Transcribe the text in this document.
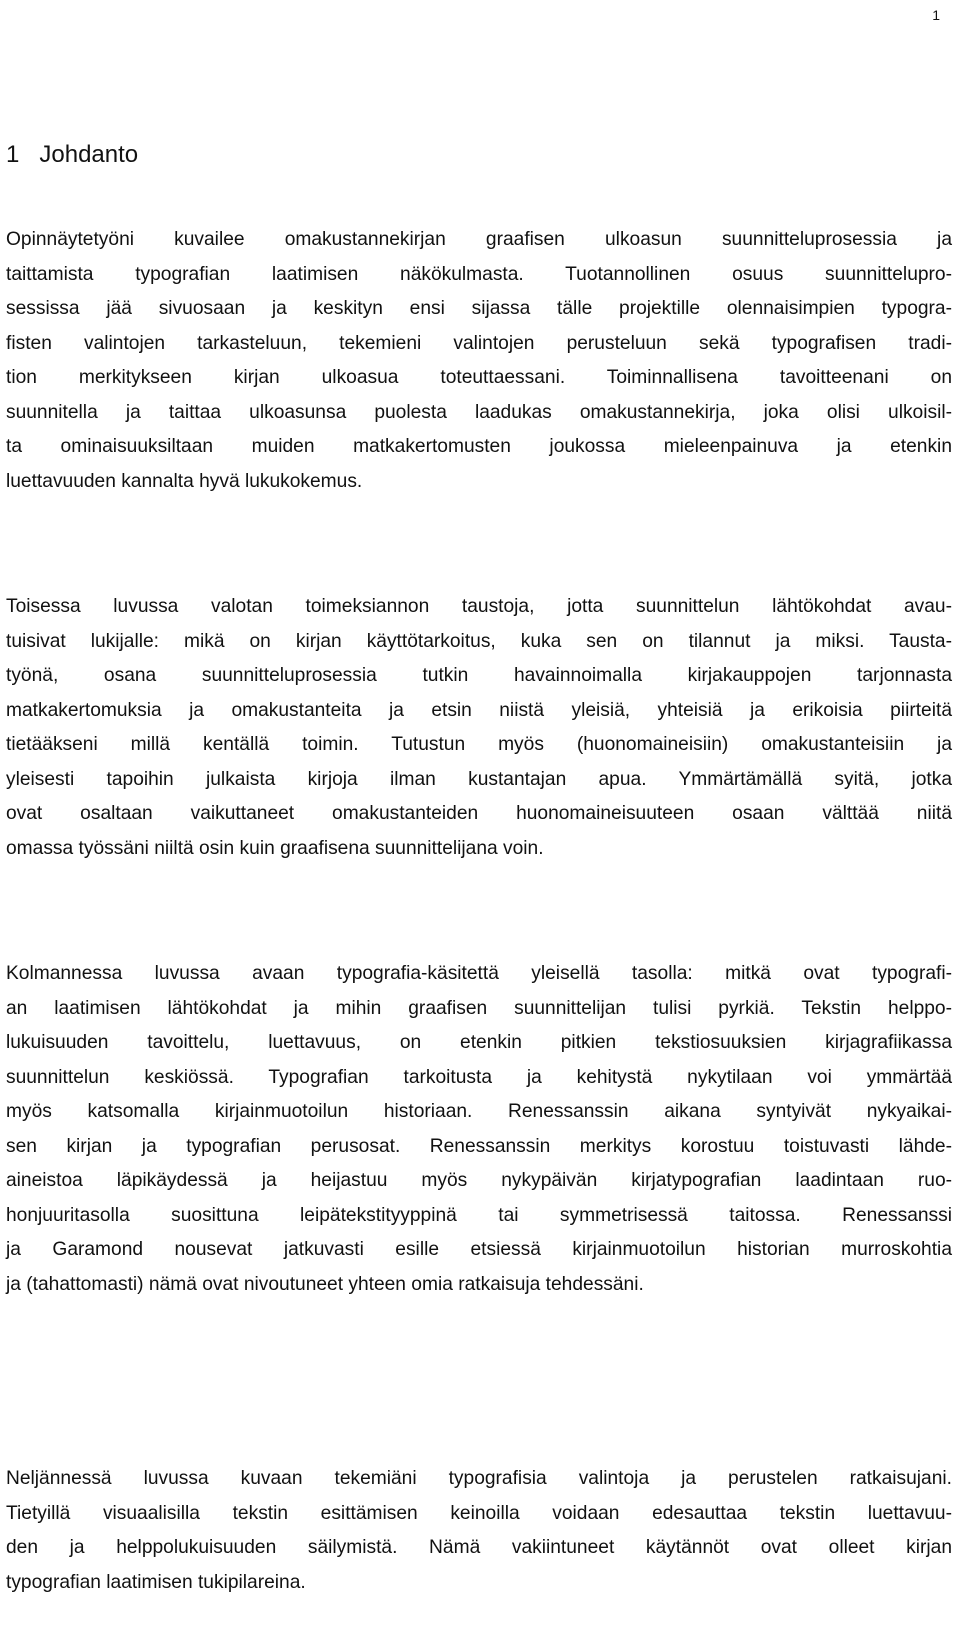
1
1 Johdanto
Opinnäytetyöni kuvailee omakustannekirjan graafisen ulkoasun suunnitteluprosessia ja
taittamista typografian laatimisen näkökulmasta. Tuotannollinen osuus suunnittelupro-
sessissa jää sivuosaan ja keskityn ensi sijassa tälle projektille olennaisimpien typogra-
fisten valintojen tarkasteluun, tekemieni valintojen perusteluun sekä typografisen tradi-
tion merkitykseen kirjan ulkoasua toteuttaessani. Toiminnallisena tavoitteenani on
suunnitella ja taittaa ulkoasunsa puolesta laadukas omakustannekirja, joka olisi ulkoisil-
ta ominaisuuksiltaan muiden matkakertomusten joukossa mieleenpainuva ja etenkin
luettavuuden kannalta hyvä lukukokemus.
Toisessa luvussa valotan toimeksiannon taustoja, jotta suunnittelun lähtökohdat avau-
tuisivat lukijalle: mikä on kirjan käyttötarkoitus, kuka sen on tilannut ja miksi. Tausta-
työnä, osana suunnitteluprosessia tutkin havainnoimalla kirjakauppojen tarjonnasta
matkakertomuksia ja omakustanteita ja etsin niistä yleisiä, yhteisiä ja erikoisia piirteitä
tietääkseni millä kentällä toimin. Tutustun myös (huonomaineisiin) omakustanteisiin ja
yleisesti tapoihin julkaista kirjoja ilman kustantajan apua. Ymmärtämällä syitä, jotka
ovat osaltaan vaikuttaneet omakustanteiden huonomaineisuuteen osaan välttää niitä
omassa työssäni niiltä osin kuin graafisena suunnittelijana voin.
Kolmannessa luvussa avaan typografia-käsitettä yleisellä tasolla: mitkä ovat typografi-
an laatimisen lähtökohdat ja mihin graafisen suunnittelijan tulisi pyrkiä. Tekstin helppo-
lukuisuuden tavoittelu, luettavuus, on etenkin pitkien tekstiosuuksien kirjagrafiikassa
suunnittelun keskiössä. Typografian tarkoitusta ja kehitystä nykytilaan voi ymmärtää
myös katsomalla kirjainmuotoilun historiaan. Renessanssin aikana syntyivät nykyaikai-
sen kirjan ja typografian perusosat. Renessanssin merkitys korostuu toistuvasti lähde-
aineistoa läpikäydessä ja heijastuu myös nykypäivän kirjatypografian laadintaan ruo-
honjuuritasolla suosittuna leipätekstityyppinä tai symmetrisessä taitossa. Renessanssi
ja Garamond nousevat jatkuvasti esille etsiessä kirjainmuotoilun historian murroskohtia
ja (tahattomasti) nämä ovat nivoutuneet yhteen omia ratkaisuja tehdessäni.
Neljännessä luvussa kuvaan tekemiäni typografisia valintoja ja perustelen ratkaisujani.
Tietyillä visuaalisilla tekstin esittämisen keinoilla voidaan edesauttaa tekstin luettavuu-
den ja helppolukuisuuden säilymistä. Nämä vakiintuneet käytännöt ovat olleet kirjan
typografian laatimisen tukipilareina.
